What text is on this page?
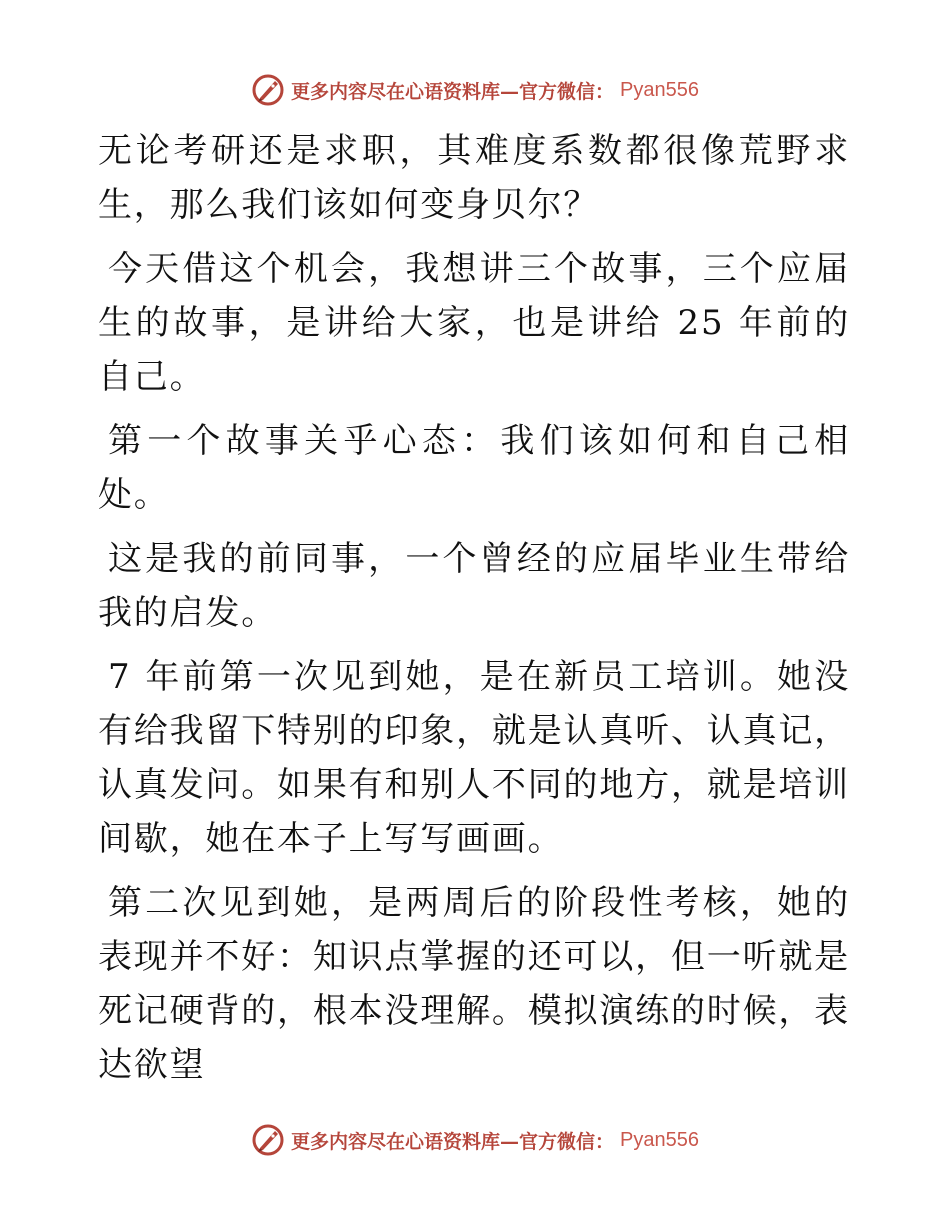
更多内容尽在心语资料库—官方微信： Pyan556

无论考研还是求职，其难度系数都很像荒野求生，那么我们该如何变身贝尔？

今天借这个机会，我想讲三个故事，三个应届生的故事，是讲给大家，也是讲给 25 年前的自己。

第一个故事关乎心态：我们该如何和自己相处。

这是我的前同事，一个曾经的应届毕业生带给我的启发。

7 年前第一次见到她，是在新员工培训。她没有给我留下特别的印象，就是认真听、认真记，认真发问。如果有和别人不同的地方，就是培训间歇，她在本子上写写画画。

第二次见到她，是两周后的阶段性考核，她的表现并不好：知识点掌握的还可以，但一听就是死记硬背的，根本没理解。模拟演练的时候，表达欲望

更多内容尽在心语资料库—官方微信： Pyan556
